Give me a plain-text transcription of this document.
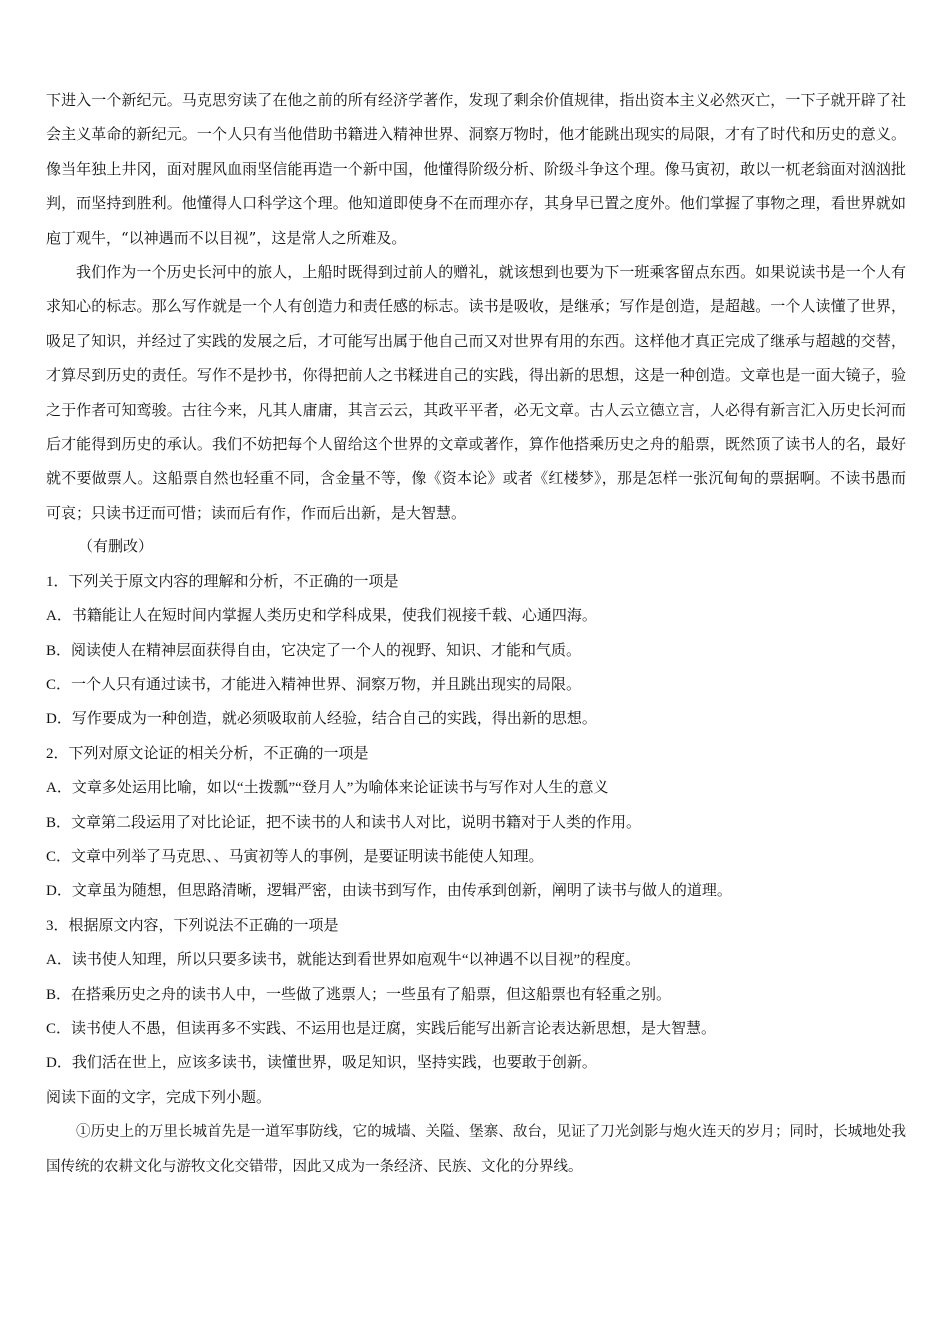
下进入一个新纪元。马克思穷读了在他之前的所有经济学著作，发现了剩余价值规律，指出资本主义必然灭亡，一下子就开辟了社会主义革命的新纪元。一个人只有当他借助书籍进入精神世界、洞察万物时，他才能跳出现实的局限，才有了时代和历史的意义。像当年独上井冈，面对腥风血雨坚信能再造一个新中国，他懂得阶级分析、阶级斗争这个理。像马寅初，敢以一杌老翁面对汹汹批判，而坚持到胜利。他懂得人口科学这个理。他知道即使身不在而理亦存，其身早已置之度外。他们掌握了事物之理，看世界就如庖丁观牛，“以神遇而不以目视”，这是常人之所难及。

我们作为一个历史长河中的旅人，上船时既得到过前人的赠礼，就该想到也要为下一班乘客留点东西。如果说读书是一个人有求知心的标志。那么写作就是一个人有创造力和责任感的标志。读书是吸收，是继承；写作是创造，是超越。一个人读懂了世界，吸足了知识，并经过了实践的发展之后，才可能写出属于他自己而又对世界有用的东西。这样他才真正完成了继承与超越的交替，才算尽到历史的责任。写作不是抄书，你得把前人之书糅进自己的实践，得出新的思想，这是一种创造。文章也是一面大镜子，验之于作者可知鸾骏。古往今来，凡其人庸庸，其言云云，其政平平者，必无文章。古人云立德立言，人必得有新言汇入历史长河而后才能得到历史的承认。我们不妨把每个人留给这个世界的文章或著作，算作他搭乘历史之舟的船票，既然顶了读书人的名，最好就不要做票人。这船票自然也轻重不同，含金量不等，像《资本论》或者《红楼梦》，那是怎样一张沉甸甸的票据啊。不读书愚而可哀；只读书迂而可惜；读而后有作，作而后出新，是大智慧。

（有删改）

1．下列关于原文内容的理解和分析，不正确的一项是

A．书籍能让人在短时间内掌握人类历史和学科成果，使我们视接千载、心通四海。

B．阅读使人在精神层面获得自由，它决定了一个人的视野、知识、才能和气质。

C．一个人只有通过读书，才能进入精神世界、洞察万物，并且跳出现实的局限。

D．写作要成为一种创造，就必须吸取前人经验，结合自己的实践，得出新的思想。

2．下列对原文论证的相关分析，不正确的一项是

A．文章多处运用比喻，如以“土拨瓢”“登月人”为喻体来论证读书与写作对人生的意义

B．文章第二段运用了对比论证，把不读书的人和读书人对比，说明书籍对于人类的作用。

C．文章中列举了马克思、、马寅初等人的事例，是要证明读书能使人知理。

D．文章虽为随想，但思路清晰，逻辑严密，由读书到写作，由传承到创新，阐明了读书与做人的道理。

3．根据原文内容，下列说法不正确的一项是

A．读书使人知理，所以只要多读书，就能达到看世界如庖观牛“以神遇不以目视”的程度。

B．在搭乘历史之舟的读书人中，一些做了逃票人；一些虽有了船票，但这船票也有轻重之别。

C．读书使人不愚，但读再多不实践、不运用也是迂腐，实践后能写出新言论表达新思想，是大智慧。

D．我们活在世上，应该多读书，读懂世界，吸足知识，坚持实践，也要敢于创新。

阅读下面的文字，完成下列小题。

①历史上的万里长城首先是一道军事防线，它的城墙、关隘、堡寨、敌台，见证了刀光剑影与炮火连天的岁月；同时，长城地处我国传统的农耕文化与游牧文化交错带，因此又成为一条经济、民族、文化的分界线。
